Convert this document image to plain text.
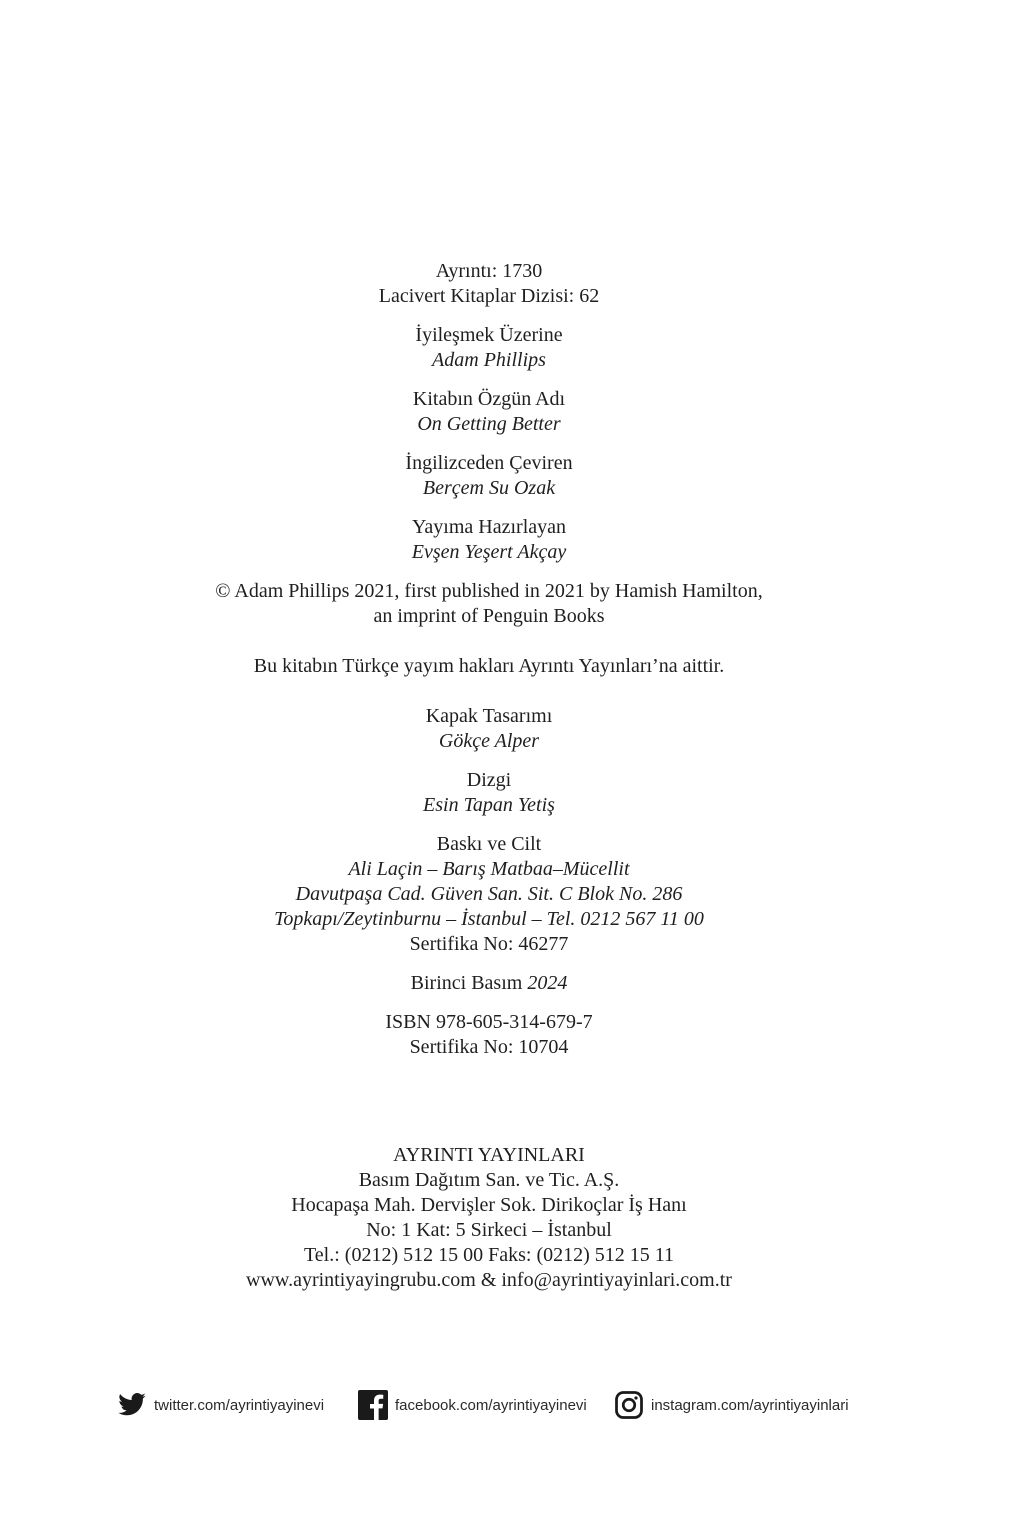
Ayrıntı: 1730
Lacivert Kitaplar Dizisi: 62
İyileşmek Üzerine
Adam Phillips
Kitabın Özgün Adı
On Getting Better
İngilizceden Çeviren
Berçem Su Ozak
Yayıma Hazırlayan
Evşen Yeşert Akçay
© Adam Phillips 2021, first published in 2021 by Hamish Hamilton,
an imprint of Penguin Books
Bu kitabın Türkçe yayım hakları Ayrıntı Yayınları’na aittir.
Kapak Tasarımı
Gökçe Alper
Dizgi
Esin Tapan Yetiş
Baskı ve Cilt
Ali Laçin – Barış Matbaa–Mücellit
Davutpaşa Cad. Güven San. Sit. C Blok No. 286
Topkapı/Zeytinburnu – İstanbul – Tel. 0212 567 11 00
Sertifika No: 46277
Birinci Basım 2024
ISBN 978-605-314-679-7
Sertifika No: 10704
AYRINTI YAYINLARI
Basım Dağıtım San. ve Tic. A.Ş.
Hocapaşa Mah. Dervişler Sok. Dirikoçlar İş Hanı
No: 1 Kat: 5 Sirkeci – İstanbul
Tel.: (0212) 512 15 00 Faks: (0212) 512 15 11
www.ayrintiyayingrubu.com & info@ayrintiyayinlari.com.tr
twitter.com/ayrintiyayinevi	facebook.com/ayrintiyayinevi	instagram.com/ayrintiyayinlari
